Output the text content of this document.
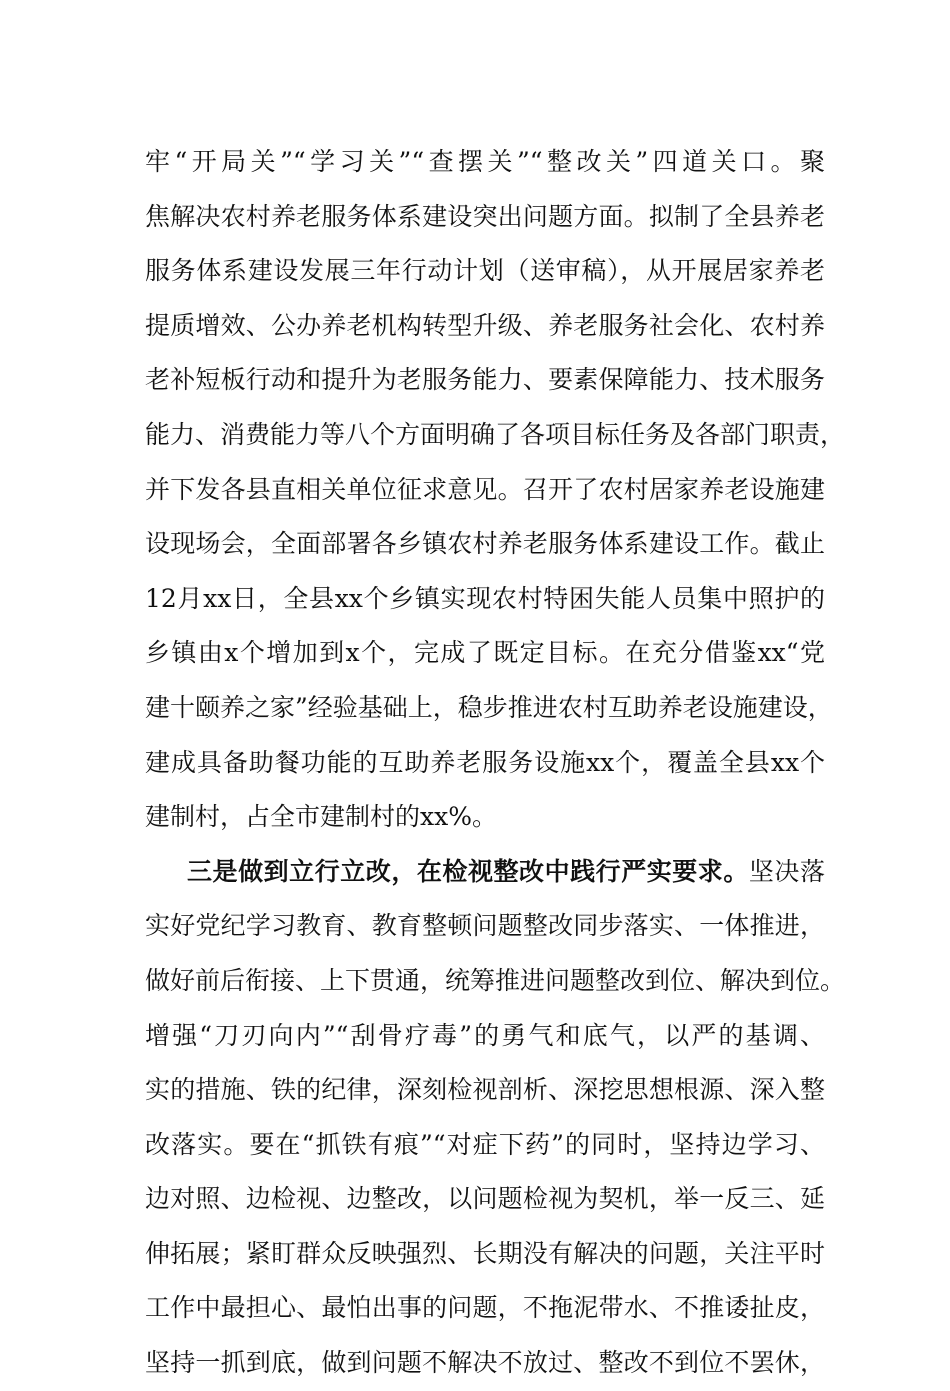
牢“开局关”“学习关”“查摆关”“整改关”四道关口。聚
焦解决农村养老服务体系建设突出问题方面。拟制了全县养老
服务体系建设发展三年行动计划（送审稿），从开展居家养老
提质增效、公办养老机构转型升级、养老服务社会化、农村养
老补短板行动和提升为老服务能力、要素保障能力、技术服务
能力、消费能力等八个方面明确了各项目标任务及各部门职责，
并下发各县直相关单位征求意见。召开了农村居家养老设施建
设现场会，全面部署各乡镇农村养老服务体系建设工作。截止
12月xx日，全县xx个乡镇实现农村特困失能人员集中照护的
乡镇由x个增加到x个，完成了既定目标。在充分借鉴xx“党
建十颐养之家”经验基础上，稳步推进农村互助养老设施建设，
建成具备助餐功能的互助养老服务设施xx个，覆盖全县xx个
建制村，占全市建制村的xx%。
三是做到立行立改，在检视整改中践行严实要求。坚决落
实好党纪学习教育、教育整顿问题整改同步落实、一体推进，
做好前后衔接、上下贯通，统筹推进问题整改到位、解决到位。
增强“刀刃向内”“刮骨疗毒”的勇气和底气，以严的基调、
实的措施、铁的纪律，深刻检视剖析、深挖思想根源、深入整
改落实。要在“抓铁有痕”“对症下药”的同时，坚持边学习、
边对照、边检视、边整改，以问题检视为契机，举一反三、延
伸拓展；紧盯群众反映强烈、长期没有解决的问题，关注平时
工作中最担心、最怕出事的问题，不拖泥带水、不推诿扯皮，
坚持一抓到底，做到问题不解决不放过、整改不到位不罢休，
